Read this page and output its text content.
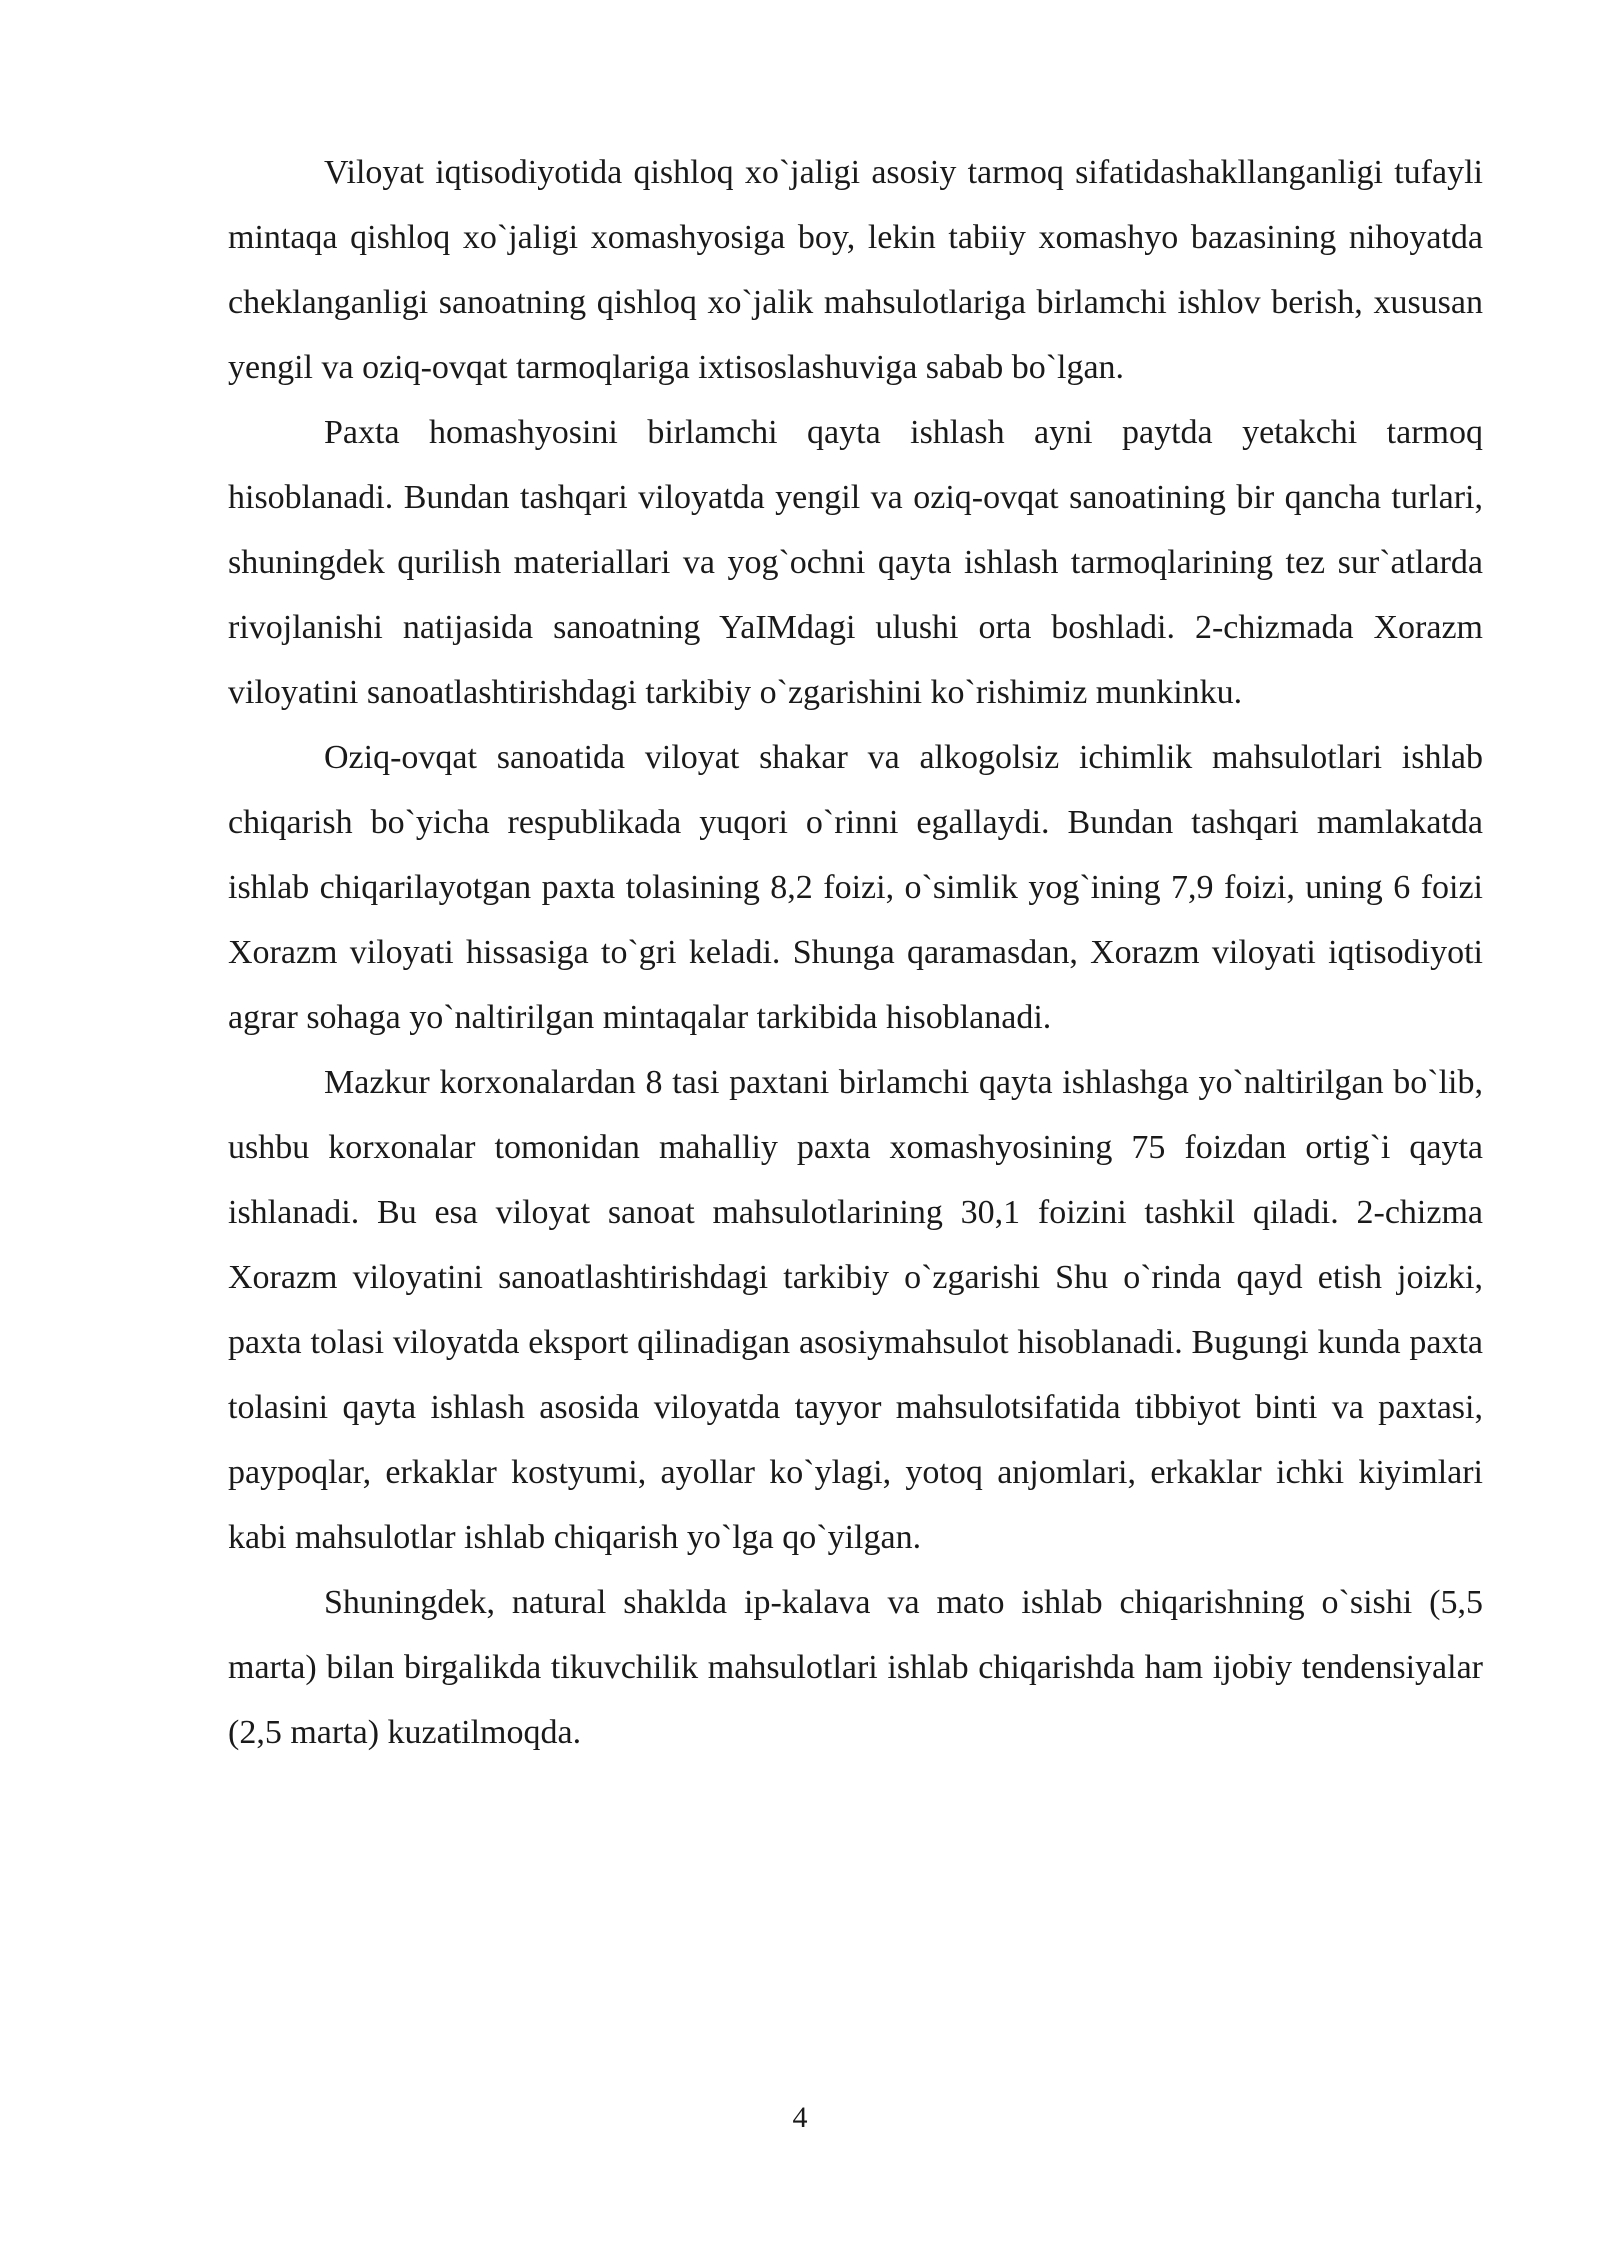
Viloyat iqtisodiyotida qishloq xo`jaligi asosiy tarmoq sifatidashakllanganligi tufayli mintaqa qishloq xo`jaligi xomashyosiga boy, lekin tabiiy xomashyo bazasining nihoyatda cheklanganligi sanoatning qishloq xo`jalik mahsulotlariga birlamchi ishlov berish, xususan yengil va oziq-ovqat tarmoqlariga ixtisoslashuviga sabab bo`lgan.

Paxta homashyosini birlamchi qayta ishlash ayni paytda yetakchi tarmoq hisoblanadi. Bundan tashqari viloyatda yengil va oziq-ovqat sanoatining bir qancha turlari, shuningdek qurilish materiallari va yog`ochni qayta ishlash tarmoqlarining tez sur`atlarda rivojlanishi natijasida sanoatning YaIMdagi ulushi orta boshladi. 2-chizmada Xorazm viloyatini sanoatlashtirishdagi tarkibiy o`zgarishini ko`rishimiz munkinku.

Oziq-ovqat sanoatida viloyat shakar va alkogolsiz ichimlik mahsulotlari ishlab chiqarish bo`yicha respublikada yuqori o`rinni egallaydi. Bundan tashqari mamlakatda ishlab chiqarilayotgan paxta tolasining 8,2 foizi, o`simlik yog`ining 7,9 foizi, uning 6 foizi Xorazm viloyati hissasiga to`gri keladi. Shunga qaramasdan, Xorazm viloyati iqtisodiyoti agrar sohaga yo`naltirilgan mintaqalar tarkibida hisoblanadi.

Mazkur korxonalardan 8 tasi paxtani birlamchi qayta ishlashga yo`naltirilgan bo`lib, ushbu korxonalar tomonidan mahalliy paxta xomashyosining 75 foizdan ortig`i qayta ishlanadi. Bu esa viloyat sanoat mahsulotlarining 30,1 foizini tashkil qiladi. 2-chizma Xorazm viloyatini sanoatlashtirishdagi tarkibiy o`zgarishi Shu o`rinda qayd etish joizki, paxta tolasi viloyatda eksport qilinadigan asosiymahsulot hisoblanadi. Bugungi kunda paxta tolasini qayta ishlash asosida viloyatda tayyor mahsulotsifatida tibbiyot binti va paxtasi, paypoqlar, erkaklar kostyumi, ayollar ko`ylagi, yotoq anjomlari, erkaklar ichki kiyimlari kabi mahsulotlar ishlab chiqarish yo`lga qo`yilgan.

Shuningdek, natural shaklda ip-kalava va mato ishlab chiqarishning o`sishi (5,5 marta) bilan birgalikda tikuvchilik mahsulotlari ishlab chiqarishda ham ijobiy tendensiyalar (2,5 marta) kuzatilmoqda.

4
